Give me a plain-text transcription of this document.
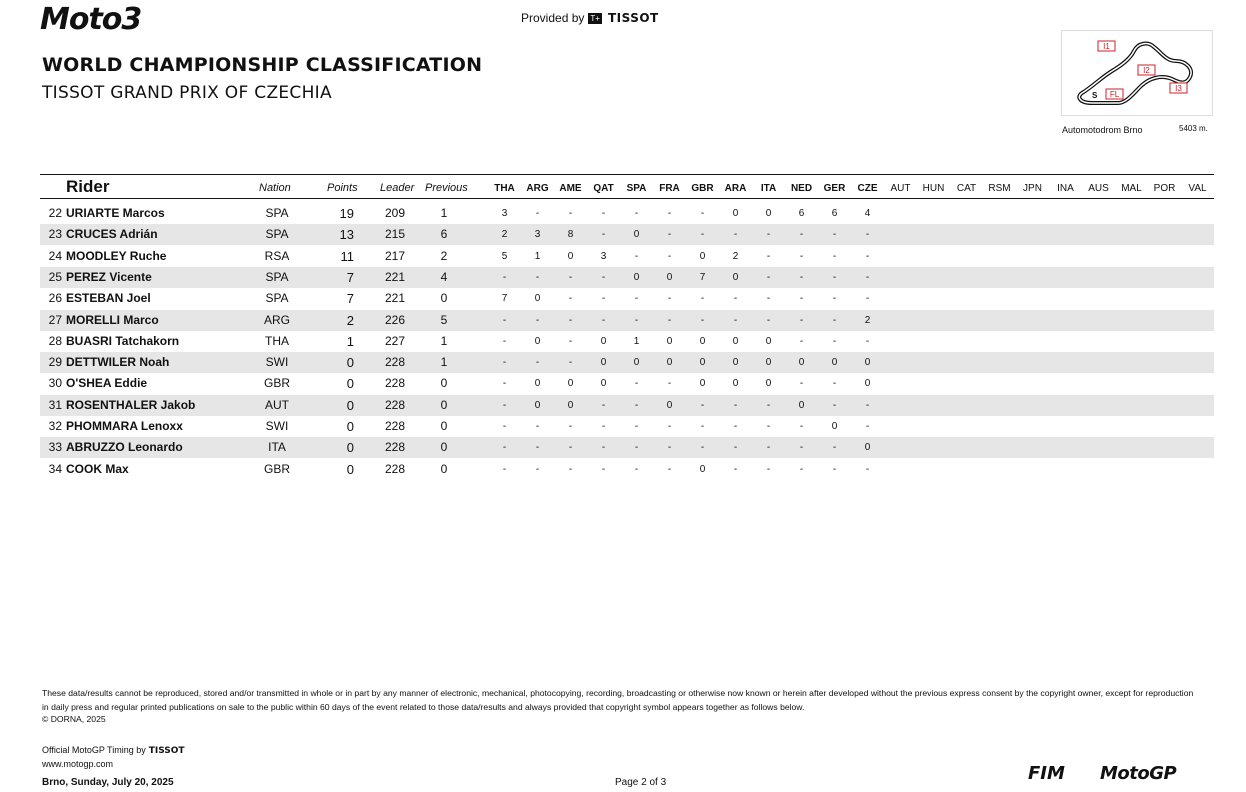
Moto3	Provided by T+ TISSOT
WORLD CHAMPIONSHIP CLASSIFICATION
TISSOT GRAND PRIX OF CZECHIA
I1
I2
I3
S FL
Automotodrom Brno	5403 m.
Rider	Nation	Points Leader Previous	THA	ARG	AME	QAT	SPA	FRA	GBR	ARA	ITA	NED	GER	CZE	AUT	HUN	CAT	RSM	JPN	INA	AUS	MAL	POR	VAL
22 URIARTE Marcos	SPA	19	209	1	3	-	-	-	-	-	-	0	0	6	6	4
23 CRUCES Adrián	SPA	13	215	6	2	3	8	-	0	-	-	-	-	-	-	-
24 MOODLEY Ruche	RSA	11	217	2	5	1	0	3	-	-	0	2	-	-	-	-
25 PEREZ Vicente	SPA	7	221	4	-	-	-	-	0	0	7	0	-	-	-	-
26 ESTEBAN Joel	SPA	7	221	0	7	0	-	-	-	-	-	-	-	-	-	-
27 MORELLI Marco	ARG	2	226	5	-	-	-	-	-	-	-	-	-	-	-	2
28 BUASRI Tatchakorn	THA	1	227	1	-	0	-	0	1	0	0	0	0	-	-	-
29 DETTWILER Noah	SWI	0	228	1	-	-	-	0	0	0	0	0	0	0	0	0
30 O'SHEA Eddie	GBR	0	228	0	-	0	0	0	-	-	0	0	0	-	-	0
31 ROSENTHALER Jakob	AUT	0	228	0	-	0	0	-	-	0	-	-	-	0	-	-
32 PHOMMARA Lenoxx	SWI	0	228	0	-	-	-	-	-	-	-	-	-	-	0	-
33 ABRUZZO Leonardo	ITA	0	228	0	-	-	-	-	-	-	-	-	-	-	-	0
34 COOK Max	GBR	0	228	0	-	-	-	-	-	-	0	-	-	-	-	-
These data/results cannot be reproduced, stored and/or transmitted in whole or in part by any manner of electronic, mechanical, photocopying, recording, broadcasting or otherwise now known or herein after developed without the previous express consent by the copyright owner, except for reproduction in daily press and regular printed publications on sale to the public within 60 days of the event related to those data/results and always provided that copyright symbol appears together as follows below.
© DORNA, 2025
Official MotoGP Timing by TISSOT
www.motogp.com
Brno, Sunday, July 20, 2025	Page 2 of 3	FIM MotoGP
